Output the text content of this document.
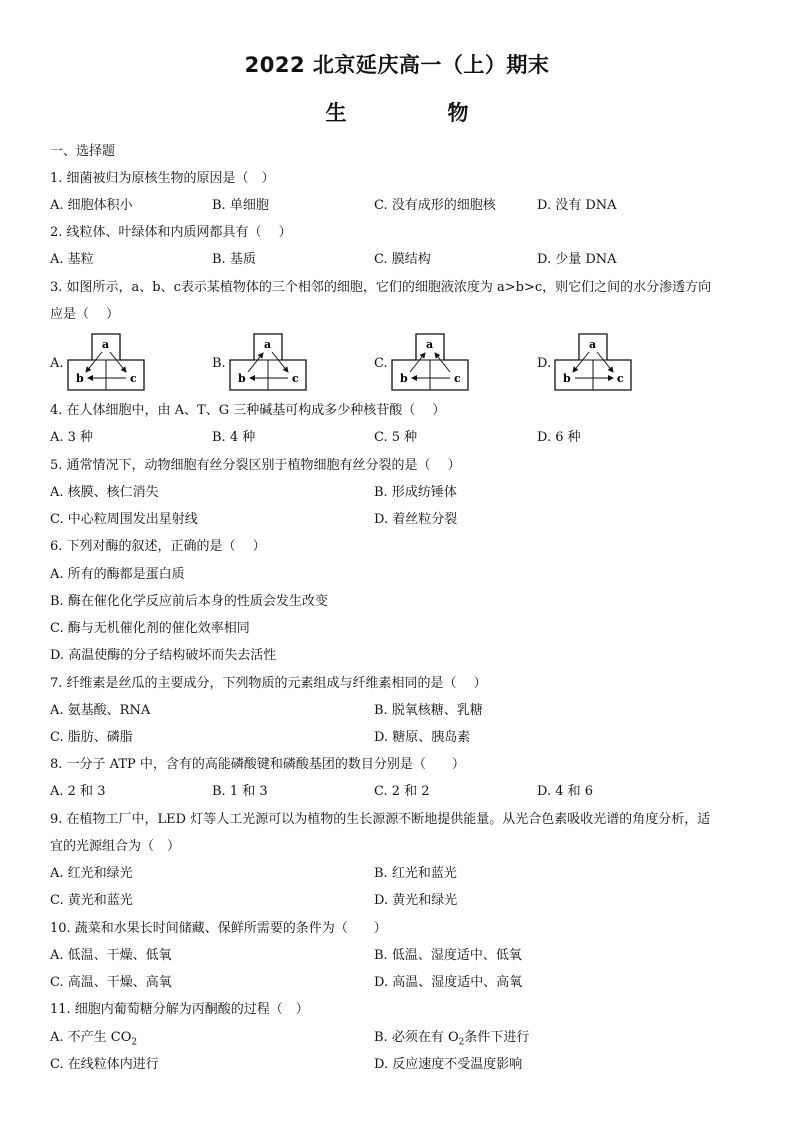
2022 北京延庆高一（上）期末
生　物
一、选择题
1. 细菌被归为原核生物的原因是（　）
A. 细胞体积小	B. 单细胞	C. 没有成形的细胞核	D. 没有 DNA
2. 线粒体、叶绿体和内质网都具有（　 ）
A. 基粒	B. 基质	C. 膜结构	D. 少量 DNA
3. 如图所示，a、b、c表示某植物体的三个相邻的细胞，它们的细胞液浓度为 a>b>c，则它们之间的水分渗透方向
应是（　 ）
A.	B.	C.	D.
a
b	c
a
b	c
a
b	c
a
b	c
4. 在人体细胞中，由 A、T、G 三种碱基可构成多少种核苷酸（　 ）
A. 3 种	B. 4 种	C. 5 种	D. 6 种
5. 通常情况下，动物细胞有丝分裂区别于植物细胞有丝分裂的是（　 ）
A. 核膜、核仁消失	B. 形成纺锤体
C. 中心粒周围发出星射线	D. 着丝粒分裂
6. 下列对酶的叙述，正确的是（　 ）
A. 所有的酶都是蛋白质
B. 酶在催化化学反应前后本身的性质会发生改变
C. 酶与无机催化剂的催化效率相同
D. 高温使酶的分子结构破坏而失去活性
7. 纤维素是丝瓜的主要成分，下列物质的元素组成与纤维素相同的是（　 ）
A. 氨基酸、RNA	B. 脱氧核糖、乳糖
C. 脂肪、磷脂	D. 糖原、胰岛素
8. 一分子 ATP 中，含有的高能磷酸键和磷酸基团的数目分别是（　　）
A. 2 和 3	B. 1 和 3	C. 2 和 2	D. 4 和 6
9. 在植物工厂中，LED 灯等人工光源可以为植物的生长源源不断地提供能量。从光合色素吸收光谱的角度分析，适
宜的光源组合为（　）
A. 红光和绿光	B. 红光和蓝光
C. 黄光和蓝光	D. 黄光和绿光
10. 蔬菜和水果长时间储藏、保鲜所需要的条件为（　　）
A. 低温、干燥、低氧	B. 低温、湿度适中、低氧
C. 高温、干燥、高氧	D. 高温、湿度适中、高氧
11. 细胞内葡萄糖分解为丙酮酸的过程（　）
A. 不产生 $CO_2$	B. 必须在有 $O_2$条件下进行
C. 在线粒体内进行	D. 反应速度不受温度影响
